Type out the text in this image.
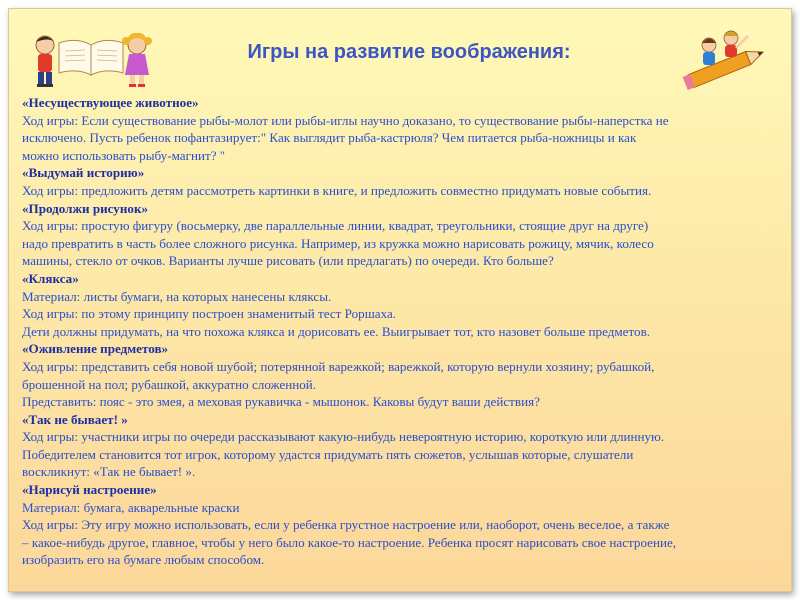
Игры на развитие воображения:

«Несуществующее животное»

Ход игры: Если существование рыбы-молот или рыбы-иглы научно доказано, то существование рыбы-наперстка не

исключено. Пусть ребенок пофантазирует:" Как выглядит рыба-кастрюля? Чем питается рыба-ножницы и как

можно использовать рыбу-магнит? "

«Выдумай историю»

Ход игры: предложить детям рассмотреть картинки в книге, и предложить совместно придумать новые события.

«Продолжи рисунок»

Ход игры: простую фигуру (восьмерку, две параллельные линии, квадрат, треугольники, стоящие друг на друге)

надо превратить в часть более сложного рисунка. Например, из кружка можно нарисовать рожицу, мячик, колесо

машины, стекло от очков. Варианты лучше рисовать (или предлагать) по очереди. Кто больше?

«Клякса»

Материал: листы бумаги, на которых нанесены кляксы.

Ход игры: по этому принципу построен знаменитый тест Роршаха.

Дети должны придумать, на что похожа клякса и дорисовать ее. Выигрывает тот, кто назовет больше предметов.

«Оживление предметов»

Ход игры: представить себя новой шубой; потерянной варежкой; варежкой, которую вернули хозяину; рубашкой,

брошенной на пол; рубашкой, аккуратно сложенной.

Представить: пояс - это змея, а меховая рукавичка - мышонок. Каковы будут ваши действия?

«Так не бывает! »

Ход игры: участники игры по очереди рассказывают какую-нибудь невероятную историю, короткую или длинную.

Победителем становится тот игрок, которому удастся придумать пять сюжетов, услышав которые, слушатели

воскликнут: «Так не бывает! ».

«Нарисуй настроение»

Материал: бумага, акварельные краски

Ход игры: Эту игру можно использовать, если у ребенка грустное настроение или, наоборот, очень веселое, а также

– какое-нибудь другое, главное, чтобы у него было какое-то настроение. Ребенка просят нарисовать свое настроение,

изобразить его на бумаге любым способом.
